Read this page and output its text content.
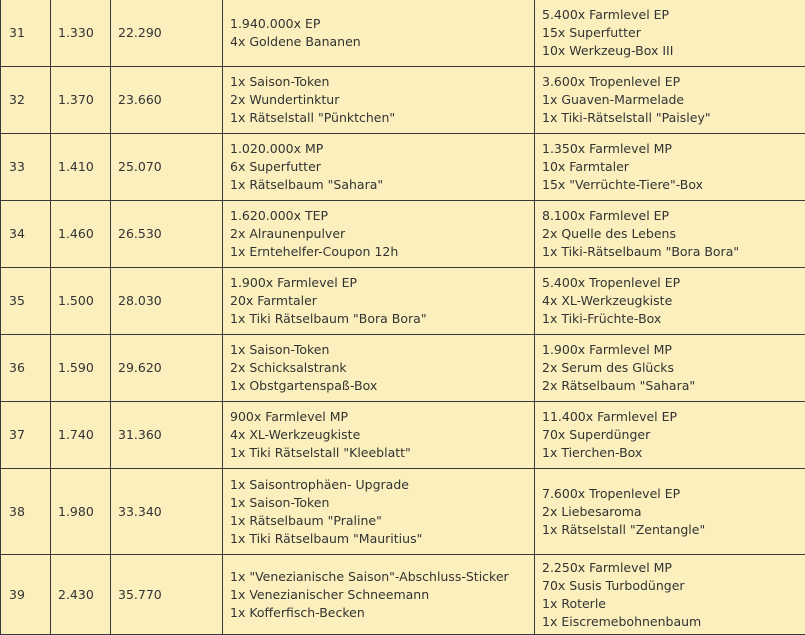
31	1.330	22.290	1.940.000x EP
4x Goldene Bananen	5.400x Farmlevel EP
15x Superfutter
10x Werkzeug-Box III

32	1.370	23.660	1x Saison-Token
2x Wundertinktur
1x Rätselstall "Pünktchen"	3.600x Tropenlevel EP
1x Guaven-Marmelade
1x Tiki-Rätselstall "Paisley"

33	1.410	25.070	1.020.000x MP
6x Superfutter
1x Rätselbaum "Sahara"	1.350x Farmlevel MP
10x Farmtaler
15x "Verrüchte-Tiere"-Box

34	1.460	26.530	1.620.000x TEP
2x Alraunenpulver
1x Erntehelfer-Coupon 12h	8.100x Farmlevel EP
2x Quelle des Lebens
1x Tiki-Rätselbaum "Bora Bora"

35	1.500	28.030	1.900x Farmlevel EP
20x Farmtaler
1x Tiki Rätselbaum "Bora Bora"	5.400x Tropenlevel EP
4x XL-Werkzeugkiste
1x Tiki-Früchte-Box

36	1.590	29.620	1x Saison-Token
2x Schicksalstrank
1x Obstgartenspaß-Box	1.900x Farmlevel MP
2x Serum des Glücks
2x Rätselbaum "Sahara"

37	1.740	31.360	900x Farmlevel MP
4x XL-Werkzeugkiste
1x Tiki Rätselstall "Kleeblatt"	11.400x Farmlevel EP
70x Superdünger
1x Tierchen-Box

38	1.980	33.340	1x Saisontrophäen- Upgrade
1x Saison-Token
1x Rätselbaum "Praline"
1x Tiki Rätselbaum "Mauritius"	7.600x Tropenlevel EP
2x Liebesaroma
1x Rätselstall "Zentangle"

39	2.430	35.770	1x "Venezianische Saison"-Abschluss-Sticker
1x Venezianischer Schneemann
1x Kofferfisch-Becken	2.250x Farmlevel MP
70x Susis Turbodünger
1x Roterle
1x Eiscremebohnenbaum
